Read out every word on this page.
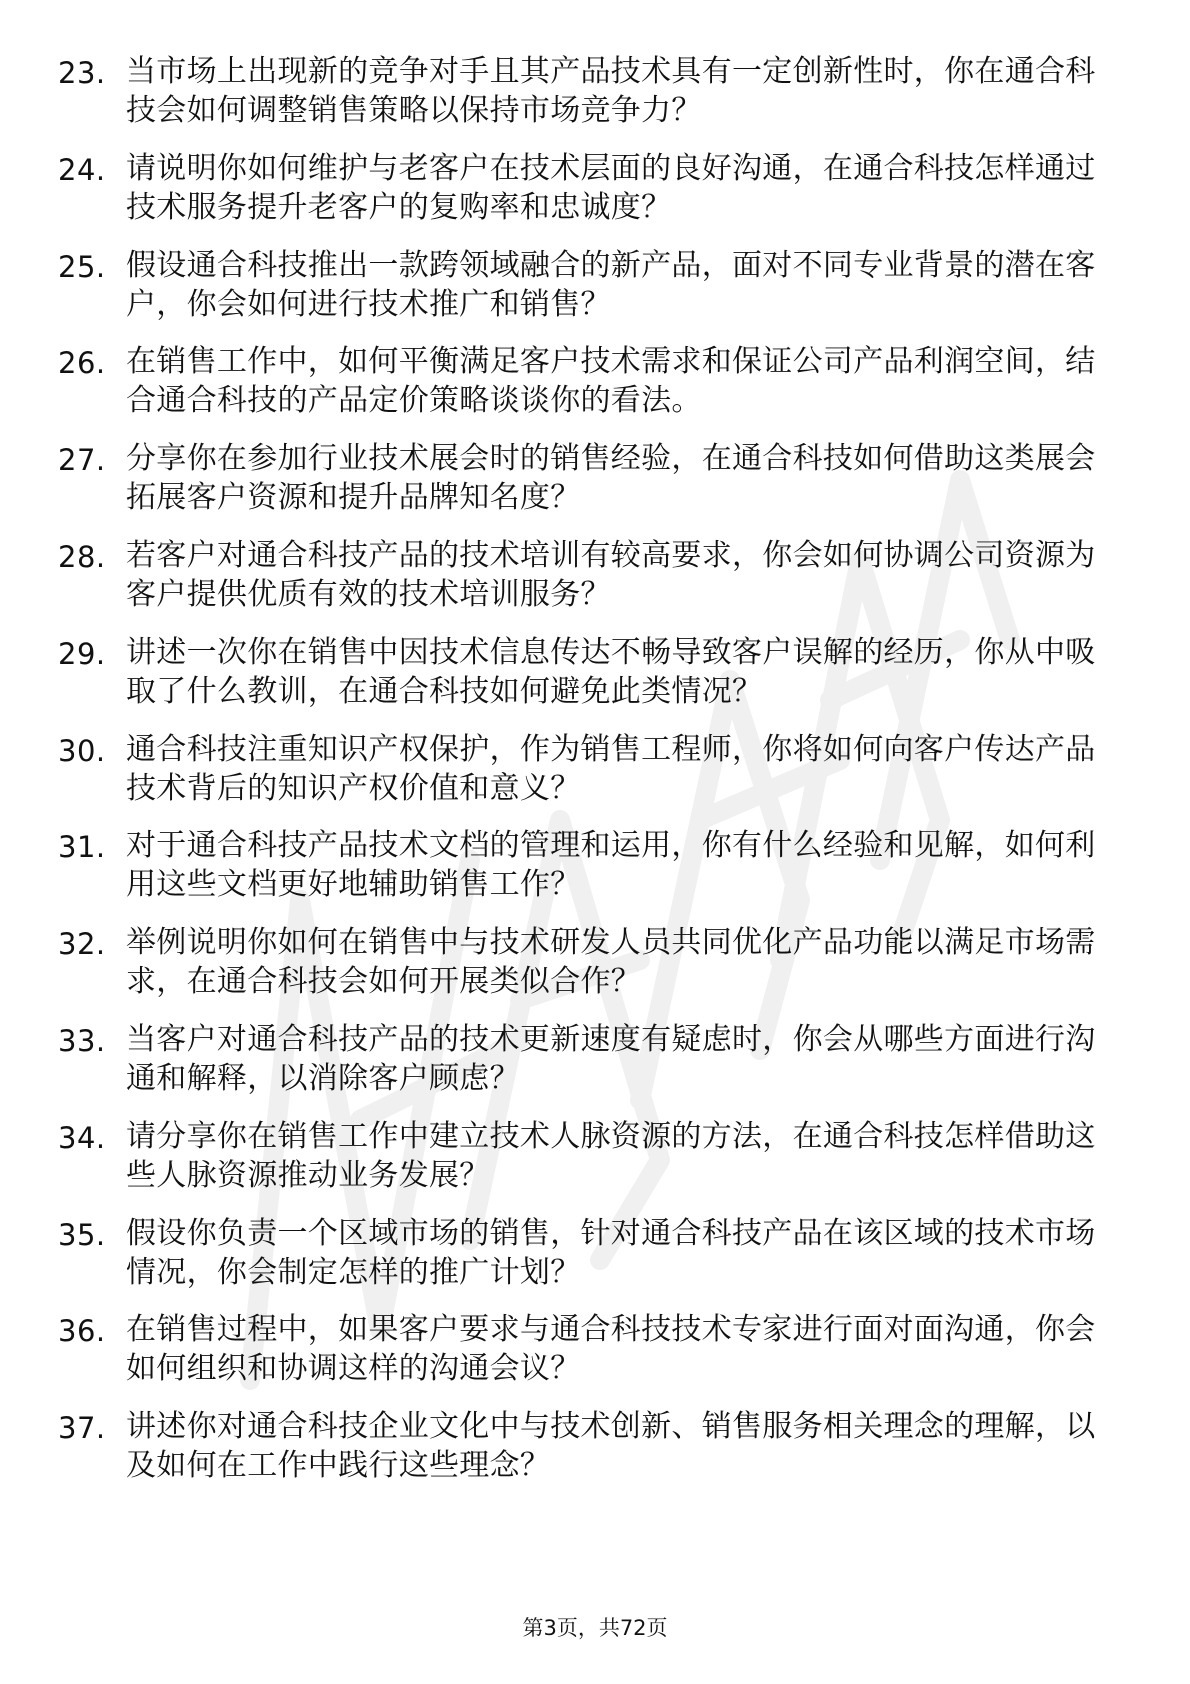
23. 当市场上出现新的竞争对手且其产品技术具有一定创新性时，你在通合科技会如何调整销售策略以保持市场竞争力？
24. 请说明你如何维护与老客户在技术层面的良好沟通，在通合科技怎样通过技术服务提升老客户的复购率和忠诚度？
25. 假设通合科技推出一款跨领域融合的新产品，面对不同专业背景的潜在客户，你会如何进行技术推广和销售？
26. 在销售工作中，如何平衡满足客户技术需求和保证公司产品利润空间，结合通合科技的产品定价策略谈谈你的看法。
27. 分享你在参加行业技术展会时的销售经验，在通合科技如何借助这类展会拓展客户资源和提升品牌知名度？
28. 若客户对通合科技产品的技术培训有较高要求，你会如何协调公司资源为客户提供优质有效的技术培训服务？
29. 讲述一次你在销售中因技术信息传达不畅导致客户误解的经历，你从中吸取了什么教训，在通合科技如何避免此类情况？
30. 通合科技注重知识产权保护，作为销售工程师，你将如何向客户传达产品技术背后的知识产权价值和意义？
31. 对于通合科技产品技术文档的管理和运用，你有什么经验和见解，如何利用这些文档更好地辅助销售工作？
32. 举例说明你如何在销售中与技术研发人员共同优化产品功能以满足市场需求，在通合科技会如何开展类似合作？
33. 当客户对通合科技产品的技术更新速度有疑虑时，你会从哪些方面进行沟通和解释，以消除客户顾虑？
34. 请分享你在销售工作中建立技术人脉资源的方法，在通合科技怎样借助这些人脉资源推动业务发展？
35. 假设你负责一个区域市场的销售，针对通合科技产品在该区域的技术市场情况，你会制定怎样的推广计划？
36. 在销售过程中，如果客户要求与通合科技技术专家进行面对面沟通，你会如何组织和协调这样的沟通会议？
37. 讲述你对通合科技企业文化中与技术创新、销售服务相关理念的理解，以及如何在工作中践行这些理念？
第3页，共72页
